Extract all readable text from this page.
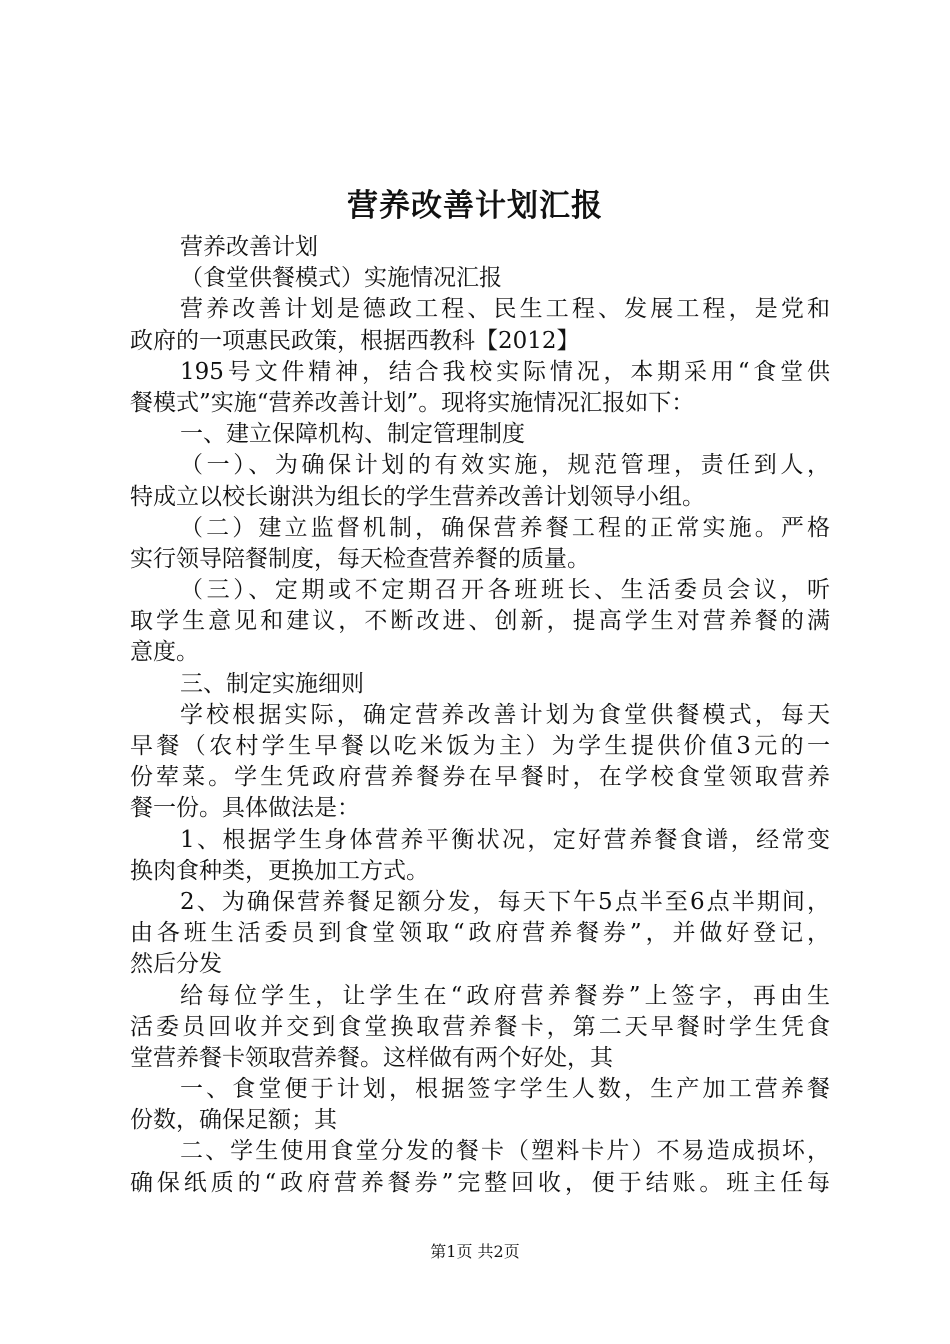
营养改善计划汇报
营养改善计划
（食堂供餐模式）实施情况汇报
营养改善计划是德政工程、民生工程、发展工程，是党和
政府的一项惠民政策，根据西教科【2012】
195号文件精神，结合我校实际情况，本期采用“食堂供
餐模式”实施“营养改善计划”。现将实施情况汇报如下：
一、建立保障机构、制定管理制度
（一）、为确保计划的有效实施，规范管理，责任到人，
特成立以校长谢洪为组长的学生营养改善计划领导小组。
（二）建立监督机制，确保营养餐工程的正常实施。严格
实行领导陪餐制度，每天检查营养餐的质量。
（三）、定期或不定期召开各班班长、生活委员会议，听
取学生意见和建议，不断改进、创新，提高学生对营养餐的满
意度。
三、制定实施细则
学校根据实际，确定营养改善计划为食堂供餐模式，每天
早餐（农村学生早餐以吃米饭为主）为学生提供价值3元的一
份荤菜。学生凭政府营养餐券在早餐时，在学校食堂领取营养
餐一份。具体做法是：
1、根据学生身体营养平衡状况，定好营养餐食谱，经常变
换肉食种类，更换加工方式。
2、为确保营养餐足额分发，每天下午5点半至6点半期间，
由各班生活委员到食堂领取“政府营养餐券”，并做好登记，
然后分发
给每位学生，让学生在“政府营养餐券”上签字，再由生
活委员回收并交到食堂换取营养餐卡，第二天早餐时学生凭食
堂营养餐卡领取营养餐。这样做有两个好处，其
一、食堂便于计划，根据签字学生人数，生产加工营养餐
份数，确保足额；其
二、学生使用食堂分发的餐卡（塑料卡片）不易造成损坏，
确保纸质的“政府营养餐券”完整回收，便于结账。班主任每
第1页 共2页
